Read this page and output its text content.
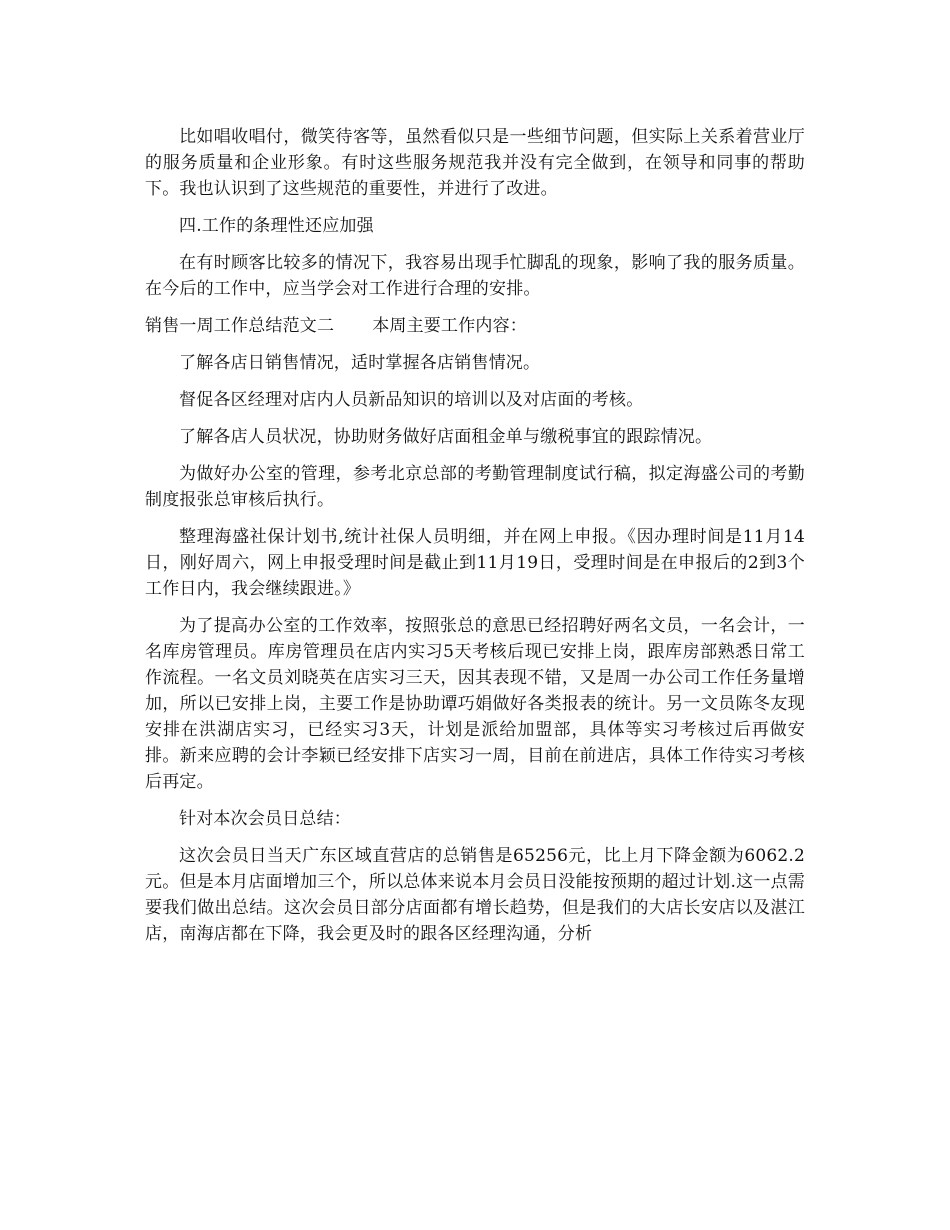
比如唱收唱付，微笑待客等，虽然看似只是一些细节问题，但实际上关系着营业厅的服务质量和企业形象。有时这些服务规范我并没有完全做到，在领导和同事的帮助下。我也认识到了这些规范的重要性，并进行了改进。

四.工作的条理性还应加强

在有时顾客比较多的情况下，我容易出现手忙脚乱的现象，影响了我的服务质量。在今后的工作中，应当学会对工作进行合理的安排。

销售一周工作总结范文二 本周主要工作内容：

了解各店日销售情况，适时掌握各店销售情况。

督促各区经理对店内人员新品知识的培训以及对店面的考核。

了解各店人员状况，协助财务做好店面租金单与缴税事宜的跟踪情况。

为做好办公室的管理，参考北京总部的考勤管理制度试行稿，拟定海盛公司的考勤制度报张总审核后执行。

整理海盛社保计划书,统计社保人员明细，并在网上申报。《因办理时间是11月14日，刚好周六，网上申报受理时间是截止到11月19日，受理时间是在申报后的2到3个工作日内，我会继续跟进。》

为了提高办公室的工作效率，按照张总的意思已经招聘好两名文员，一名会计，一名库房管理员。库房管理员在店内实习5天考核后现已安排上岗，跟库房部熟悉日常工作流程。一名文员刘晓英在店实习三天，因其表现不错，又是周一办公司工作任务量增加，所以已安排上岗，主要工作是协助谭巧娟做好各类报表的统计。另一文员陈冬友现安排在洪湖店实习，已经实习3天，计划是派给加盟部，具体等实习考核过后再做安排。新来应聘的会计李颖已经安排下店实习一周，目前在前进店，具体工作待实习考核后再定。

针对本次会员日总结：

这次会员日当天广东区域直营店的总销售是65256元，比上月下降金额为6062.2元。但是本月店面增加三个，所以总体来说本月会员日没能按预期的超过计划.这一点需要我们做出总结。这次会员日部分店面都有增长趋势，但是我们的大店长安店以及湛江店，南海店都在下降，我会更及时的跟各区经理沟通，分析
